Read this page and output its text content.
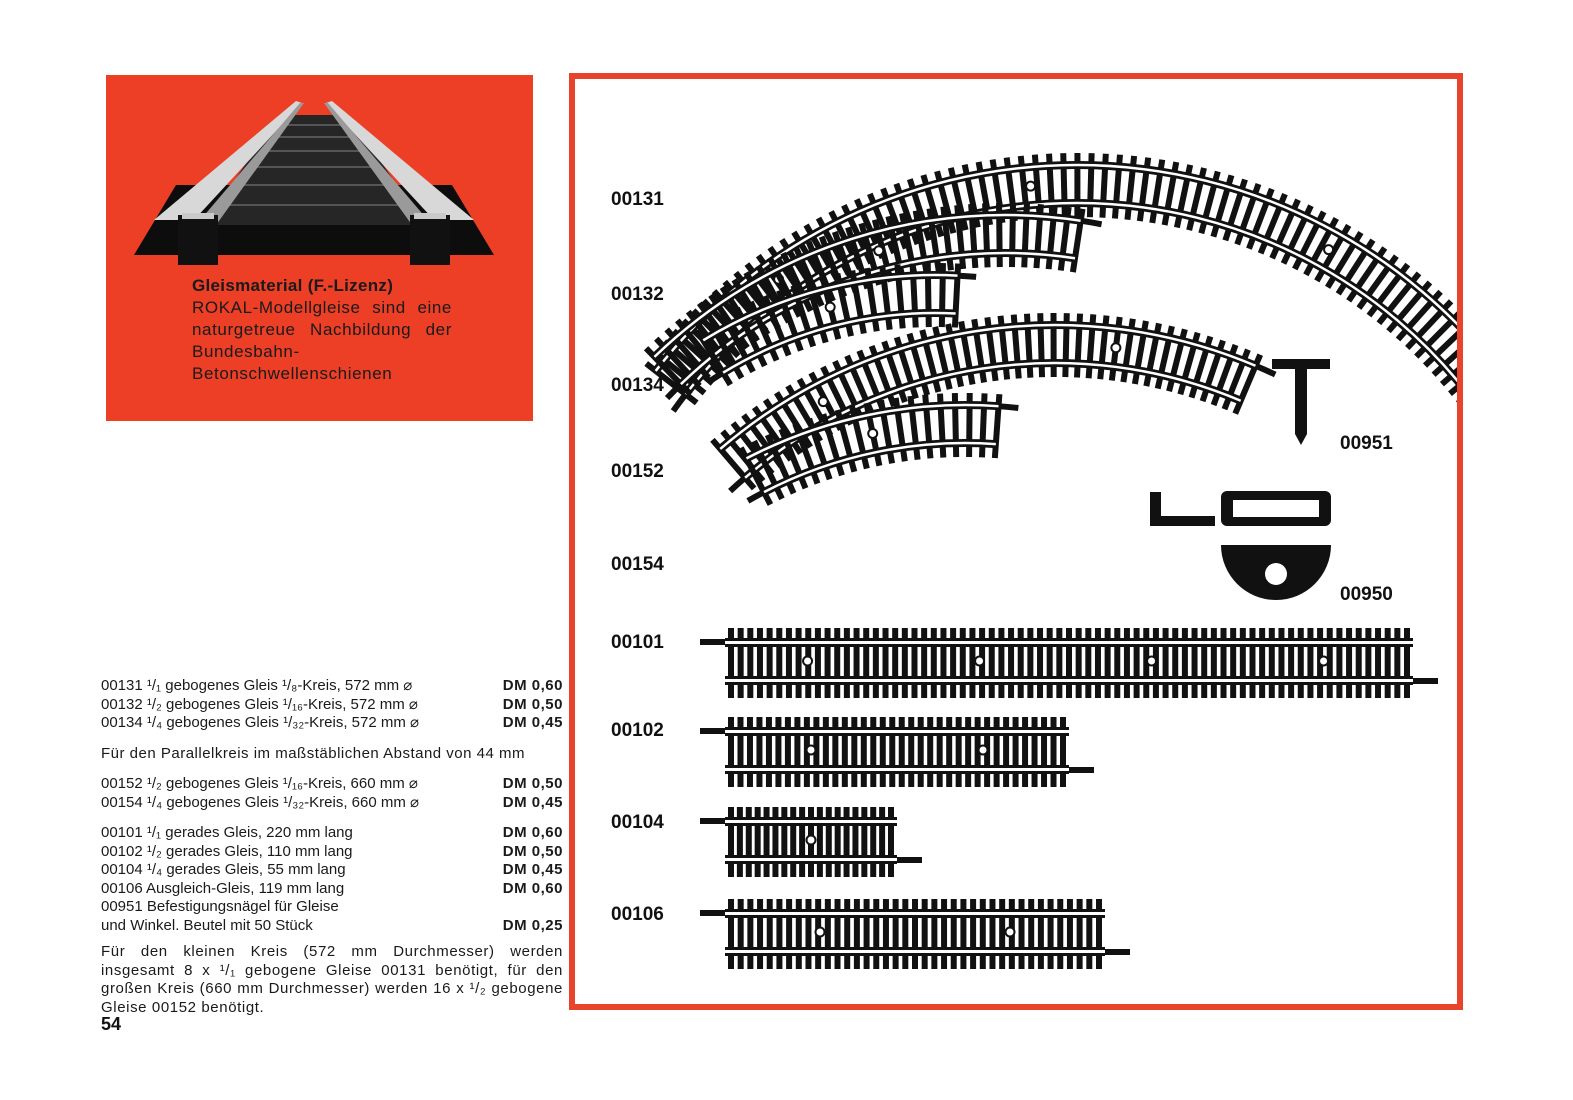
Gleismaterial (F.-Lizenz)
ROKAL-Modellgleise sind eine naturgetreue Nachbildung der Bundesbahn-Betonschwellenschienen
00131 ¹/₁ gebogenes Gleis ¹/₈-Kreis, 572 mm ⌀	DM 0,60
00132 ¹/₂ gebogenes Gleis ¹/₁₆-Kreis, 572 mm ⌀	DM 0,50
00134 ¹/₄ gebogenes Gleis ¹/₃₂-Kreis, 572 mm ⌀	DM 0,45
Für den Parallelkreis im maßstäblichen Abstand von 44 mm
00152 ¹/₂ gebogenes Gleis ¹/₁₆-Kreis, 660 mm ⌀	DM 0,50
00154 ¹/₄ gebogenes Gleis ¹/₃₂-Kreis, 660 mm ⌀	DM 0,45
00101 ¹/₁ gerades Gleis, 220 mm lang	DM 0,60
00102 ¹/₂ gerades Gleis, 110 mm lang	DM 0,50
00104 ¹/₄ gerades Gleis, 55 mm lang	DM 0,45
00106 Ausgleich-Gleis, 119 mm lang	DM 0,60
00951 Befestigungsnägel für Gleise
und Winkel. Beutel mit 50 Stück	DM 0,25
Für den kleinen Kreis (572 mm Durchmesser) werden insgesamt 8 x ¹/₁ gebogene Gleise 00131 benötigt, für den großen Kreis (660 mm Durchmesser) werden 16 x ¹/₂ gebogene Gleise 00152 benötigt.
54
00131
00132
00134
00152
00154
00101
00102
00104
00106
00951
00950
